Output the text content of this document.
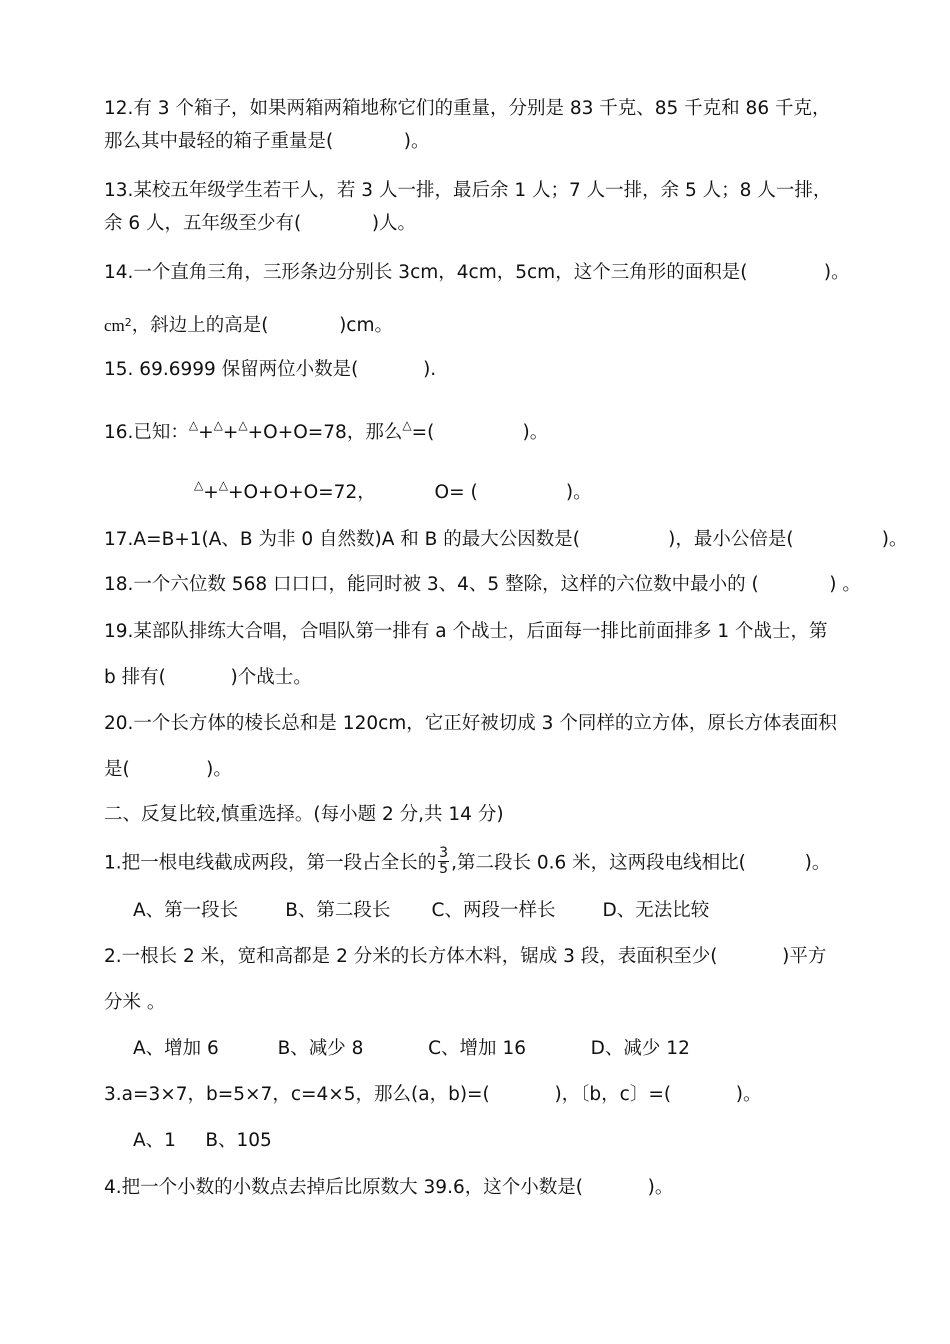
12.有 3 个箱子，如果两箱两箱地称它们的重量，分别是 83 千克、85 千克和 86 千克，

那么其中最轻的箱子重量是(            )。

13.某校五年级学生若干人，若 3 人一排，最后余 1 人；7 人一排，余 5 人；8 人一排，

余 6 人，五年级至少有(            )人。

14.一个直角三角，三形条边分别长 3cm，4cm，5cm，这个三角形的面积是(             )。

$cm^2$，斜边上的高是(            )cm。

15. 69.6999 保留两位小数是(           ).

16.已知：△+△+△+O+O=78，那么△=(               )。

△+△+O+O+O=72，          O= (               )。

17.A=B+1(A、B 为非 0 自然数)A 和 B 的最大公因数是(               )，最小公倍是(               )。

18.一个六位数 568 口口口，能同时被 3、4、5 整除，这样的六位数中最小的 (            ) 。

19.某部队排练大合唱，合唱队第一排有 a 个战士，后面每一排比前面排多 1 个战士，第

b 排有(           )个战士。

20.一个长方体的棱长总和是 120cm，它正好被切成 3 个同样的立方体，原长方体表面积

是(             )。

二、反复比较,慎重选择。(每小题 2 分,共 14 分)

1.把一根电线截成两段，第一段占全长的 $\frac{3}{5}$ ,第二段长 0.6 米，这两段电线相比(          )。

A、第一段长        B、第二段长       C、两段一样长        D、无法比较

2.一根长 2 米，宽和高都是 2 分米的长方体木料，锯成 3 段，表面积至少(           )平方

分米 。

A、增加 6          B、减少 8           C、增加 16           D、减少 12

3.a=3×7，b=5×7，c=4×5，那么(a，b)=(           )，〔b，c〕=(           )。

A、1     B、105

4.把一个小数的小数点去掉后比原数大 39.6，这个小数是(           )。
